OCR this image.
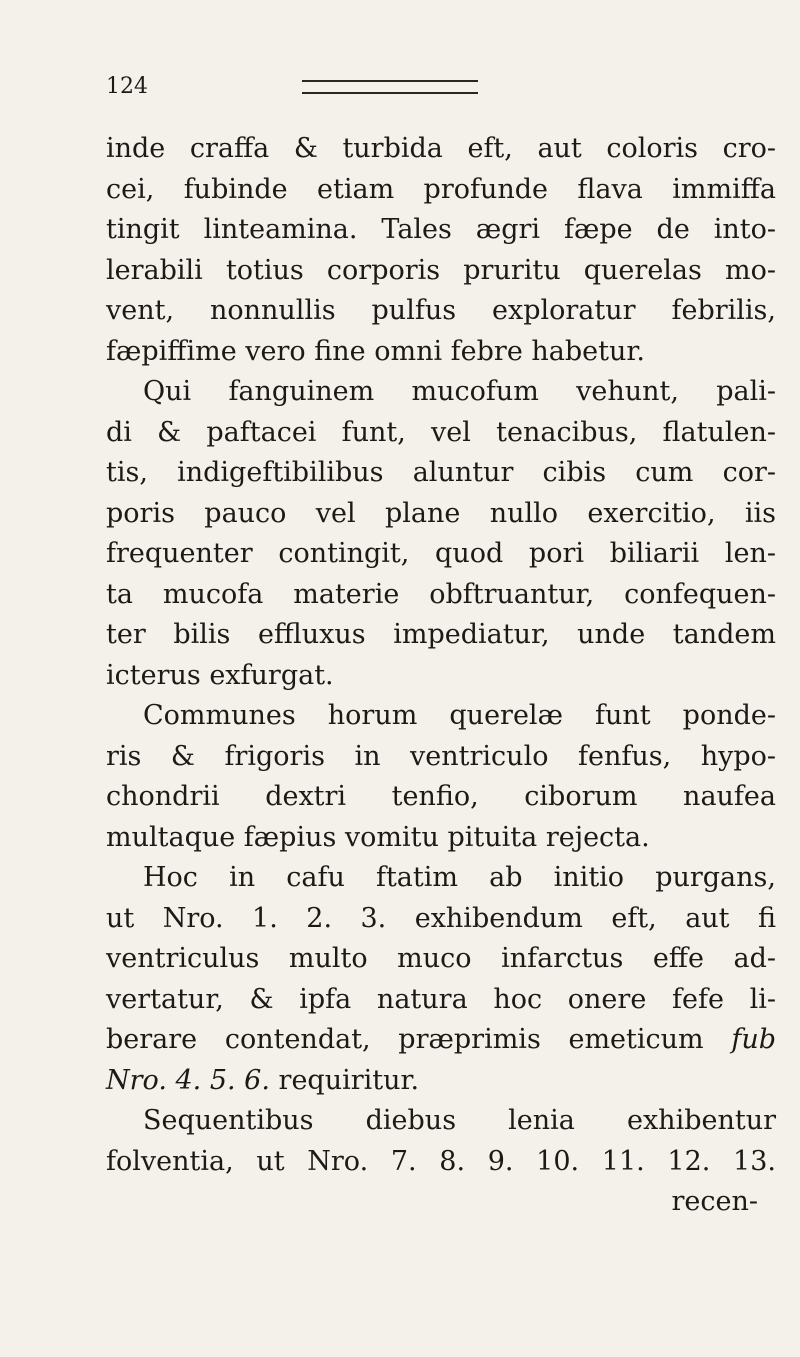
124
inde craffa & turbida eft, aut coloris cro-
cei, fubinde etiam profunde flava immiffa
tingit linteamina. Tales ægri fæpe de into-
lerabili totius corporis pruritu querelas mo-
vent, nonnullis pulfus exploratur febrilis,
fæpiffime vero fine omni febre habetur.
Qui fanguinem mucofum vehunt, pali-
di & paftacei funt, vel tenacibus, flatulen-
tis, indigeftibilibus aluntur cibis cum cor-
poris pauco vel plane nullo exercitio, iis
frequenter contingit, quod pori biliarii len-
ta mucofa materie obftruantur, confequen-
ter bilis effluxus impediatur, unde tandem
icterus exfurgat.
Communes horum querelæ funt ponde-
ris & frigoris in ventriculo fenfus, hypo-
chondrii dextri tenfio, ciborum naufea
multaque fæpius vomitu pituita rejecta.
Hoc in cafu ftatim ab initio purgans,
ut Nro. 1. 2. 3. exhibendum eft, aut fi
ventriculus multo muco infarctus effe ad-
vertatur, & ipfa natura hoc onere fefe li-
berare contendat, præprimis emeticum fub
Nro. 4. 5. 6. requiritur.
Sequentibus diebus lenia exhibentur
folventia, ut Nro. 7. 8. 9. 10. 11. 12. 13.
recen-
